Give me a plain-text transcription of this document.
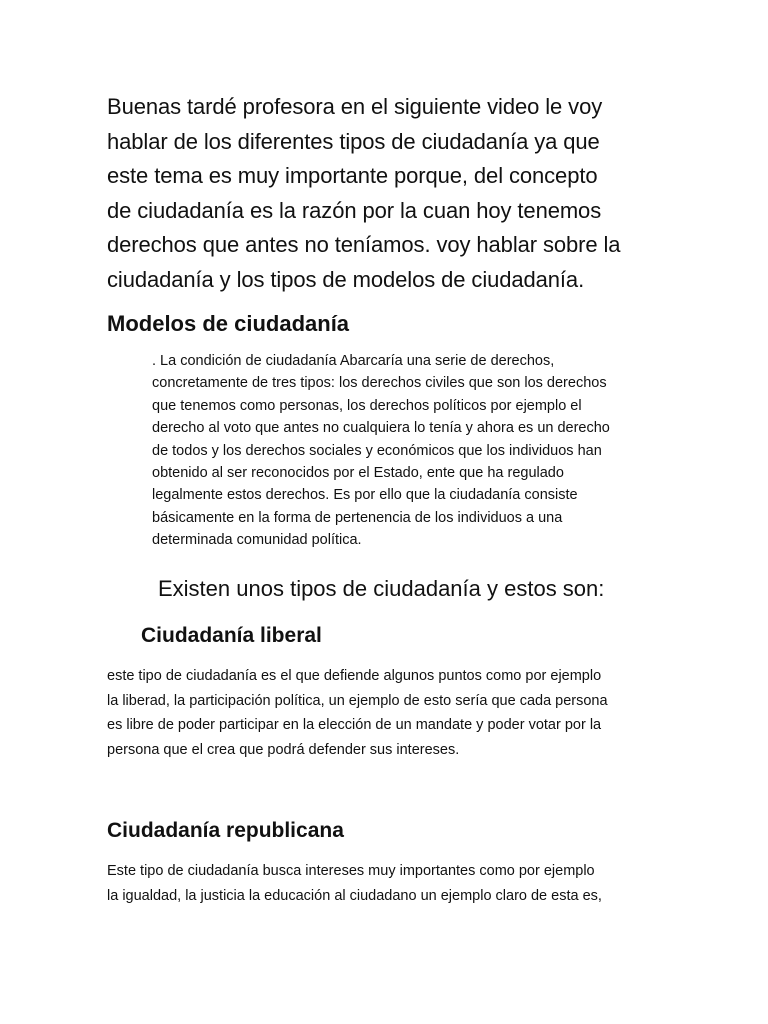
Buenas tardé profesora en el siguiente video le voy
hablar de los diferentes tipos de ciudadanía ya que
este tema es muy importante porque, del concepto
de ciudadanía es la razón por la cuan hoy tenemos
derechos que antes no teníamos. voy hablar sobre la
ciudadanía y los tipos de modelos de ciudadanía.

Modelos de ciudadanía

. La condición de ciudadanía Abarcaría una serie de derechos,
concretamente de tres tipos: los derechos civiles que son los derechos
que tenemos como personas, los derechos políticos por ejemplo el
derecho al voto que antes no cualquiera lo tenía y ahora es un derecho
de todos y los derechos sociales y económicos que los individuos han
obtenido al ser reconocidos por el Estado, ente que ha regulado
legalmente estos derechos. Es por ello que la ciudadanía consiste
básicamente en la forma de pertenencia de los individuos a una
determinada comunidad política.

Existen unos tipos de ciudadanía y estos son:

Ciudadanía liberal

este tipo de ciudadanía es el que defiende algunos puntos como por ejemplo
la liberad, la participación política, un ejemplo de esto sería que cada persona
es libre de poder participar en la elección de un mandate y poder votar por la
persona que el crea que podrá defender sus intereses.

Ciudadanía republicana

Este tipo de ciudadanía busca intereses muy importantes como por ejemplo
la igualdad, la justicia la educación al ciudadano un ejemplo claro de esta es,
